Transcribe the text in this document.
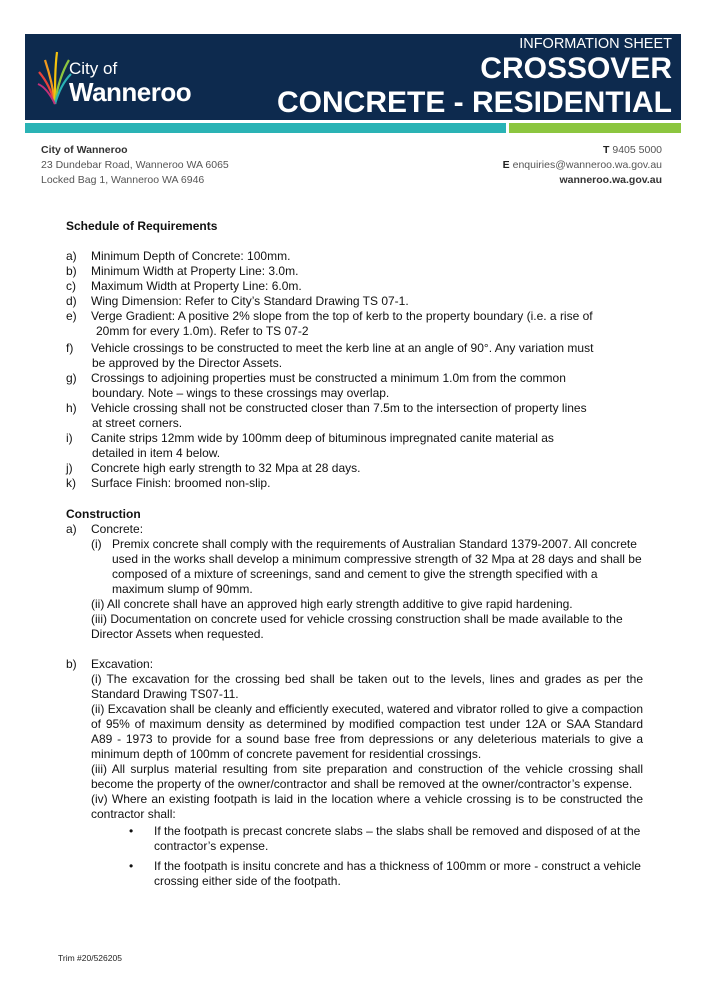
City of
Wanneroo
INFORMATION SHEET
CROSSOVER
CONCRETE - RESIDENTIAL
City of Wanneroo
23 Dundebar Road, Wanneroo WA 6065
Locked Bag 1, Wanneroo WA 6946
T 9405 5000
E enquiries@wanneroo.wa.gov.au
wanneroo.wa.gov.au
Schedule of Requirements
a)	Minimum Depth of Concrete: 100mm.
b)	Minimum Width at Property Line: 3.0m.
c)	Maximum Width at Property Line: 6.0m.
d)	Wing Dimension: Refer to City’s Standard Drawing TS 07-1.
e)	Verge Gradient: A positive 2% slope from the top of kerb to the property boundary (i.e. a rise of
20mm for every 1.0m). Refer to TS 07-2
f)	Vehicle crossings to be constructed to meet the kerb line at an angle of 90°. Any variation must
be approved by the Director Assets.
g)	Crossings to adjoining properties must be constructed a minimum 1.0m from the common
boundary. Note – wings to these crossings may overlap.
h)	Vehicle crossing shall not be constructed closer than 7.5m to the intersection of property lines
at street corners.
i)	Canite strips 12mm wide by 100mm deep of bituminous impregnated canite material as
detailed in item 4 below.
j)	Concrete high early strength to 32 Mpa at 28 days.
k)	Surface Finish: broomed non-slip.
Construction
a)	Concrete:
(i) Premix concrete shall comply with the requirements of Australian Standard 1379-2007. All concrete used in the works shall develop a minimum compressive strength of 32 Mpa at 28 days and shall be composed of a mixture of screenings, sand and cement to give the strength specified with a maximum slump of 90mm.
(ii) All concrete shall have an approved high early strength additive to give rapid hardening.
(iii) Documentation on concrete used for vehicle crossing construction shall be made available to the Director Assets when requested.
b)	Excavation:
(i) The excavation for the crossing bed shall be taken out to the levels, lines and grades as per the Standard Drawing TS07-11.
(ii) Excavation shall be cleanly and efficiently executed, watered and vibrator rolled to give a compaction of 95% of maximum density as determined by modified compaction test under 12A or SAA Standard A89 - 1973 to provide for a sound base free from depressions or any deleterious materials to give a minimum depth of 100mm of concrete pavement for residential crossings.
(iii) All surplus material resulting from site preparation and construction of the vehicle crossing shall become the property of the owner/contractor and shall be removed at the owner/contractor’s expense.
(iv) Where an existing footpath is laid in the location where a vehicle crossing is to be constructed the contractor shall:
•	If the footpath is precast concrete slabs – the slabs shall be removed and disposed of at the contractor’s expense.
•	If the footpath is insitu concrete and has a thickness of 100mm or more - construct a vehicle crossing either side of the footpath.
Trim #20/526205
